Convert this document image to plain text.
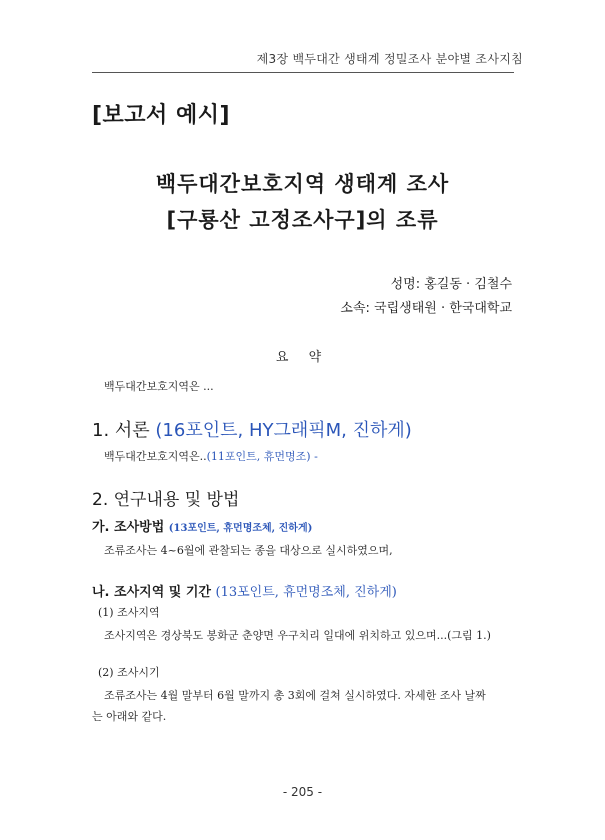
제3장 백두대간 생태계 정밀조사 분야별 조사지침
[보고서 예시]
백두대간보호지역 생태계 조사
[구룡산 고정조사구]의 조류
성명: 홍길동 · 김철수
소속: 국립생태원 · 한국대학교
요 약
백두대간보호지역은 ...
1. 서론 (16포인트, HY그래픽M, 진하게)
백두대간보호지역은..(11포인트, 휴먼명조) -
2. 연구내용 및 방법
가. 조사방법 (13포인트, 휴먼명조체, 진하게)
조류조사는 4~6월에 관찰되는 종을 대상으로 실시하였으며,
나. 조사지역 및 기간 (13포인트, 휴먼명조체, 진하게)
(1) 조사지역
조사지역은 경상북도 봉화군 춘양면 우구치리 일대에 위치하고 있으며...(그림 1.)
(2) 조사시기
조류조사는 4월 말부터 6월 말까지 총 3회에 걸쳐 실시하였다. 자세한 조사 날짜
는 아래와 같다.
- 205 -
